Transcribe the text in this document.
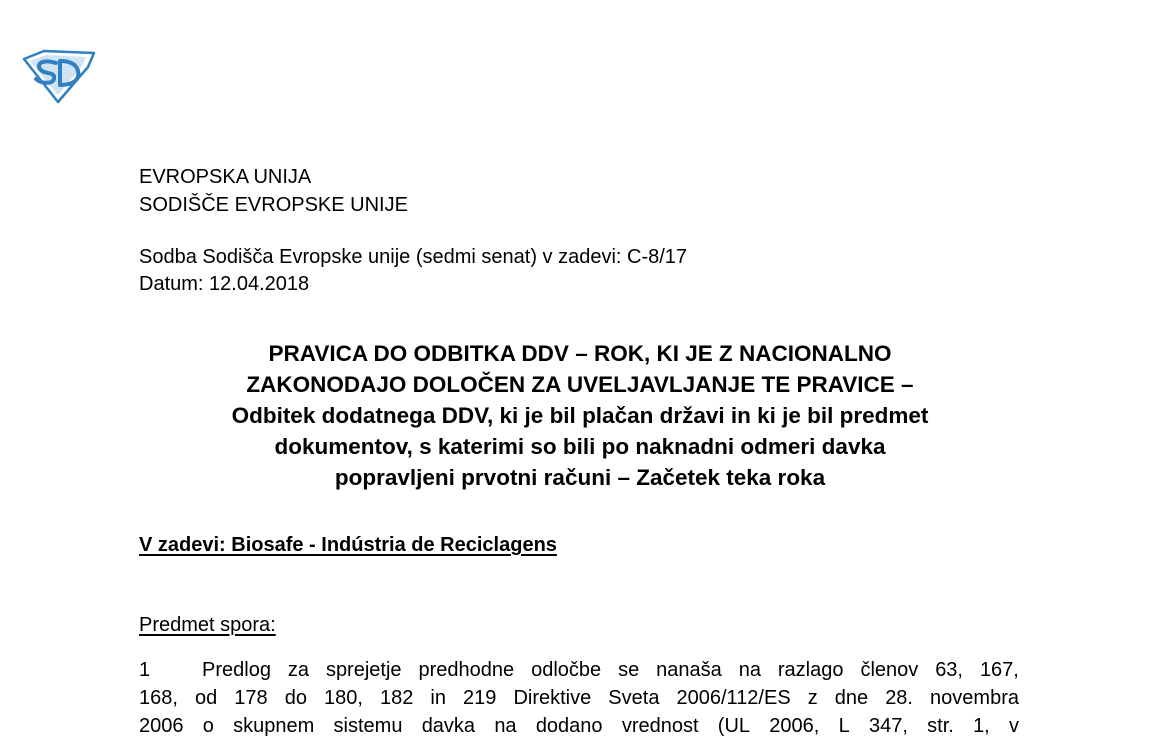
EVROPSKA UNIJA
SODIŠČE EVROPSKE UNIJE
Sodba Sodišča Evropske unije (sedmi senat) v zadevi: C-8/17
Datum: 12.04.2018
PRAVICA DO ODBITKA DDV – ROK, KI JE Z NACIONALNO
ZAKONODAJO DOLOČEN ZA UVELJAVLJANJE TE PRAVICE –
Odbitek dodatnega DDV, ki je bil plačan državi in ki je bil predmet
dokumentov, s katerimi so bili po naknadni odmeri davka
popravljeni prvotni računi – Začetek teka roka
V zadevi: Biosafe - Indústria de Reciclagens
Predmet spora:
1	Predlog za sprejetje predhodne odločbe se nanaša na razlago členov 63, 167,
168, od 178 do 180, 182 in 219 Direktive Sveta 2006/112/ES z dne 28. novembra
2006 o skupnem sistemu davka na dodano vrednost (UL 2006, L 347, str. 1, v
